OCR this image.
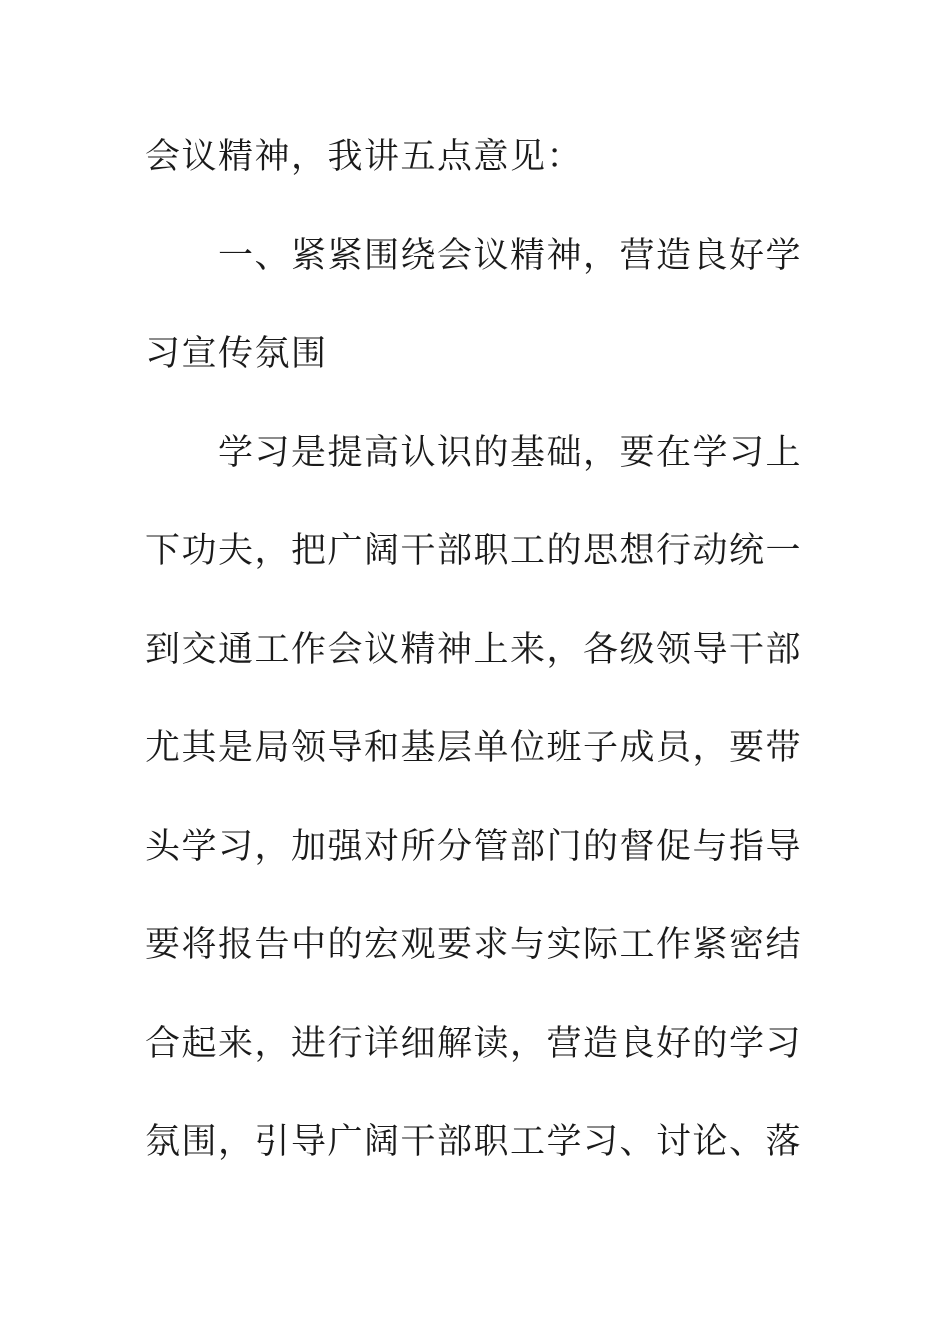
会议精神，我讲五点意见：
一、紧紧围绕会议精神，营造良好学
习宣传氛围
学习是提高认识的基础，要在学习上
下功夫，把广阔干部职工的思想行动统一
到交通工作会议精神上来，各级领导干部
尤其是局领导和基层单位班子成员，要带
头学习，加强对所分管部门的督促与指导
要将报告中的宏观要求与实际工作紧密结
合起来，进行详细解读，营造良好的学习
氛围，引导广阔干部职工学习、讨论、落
